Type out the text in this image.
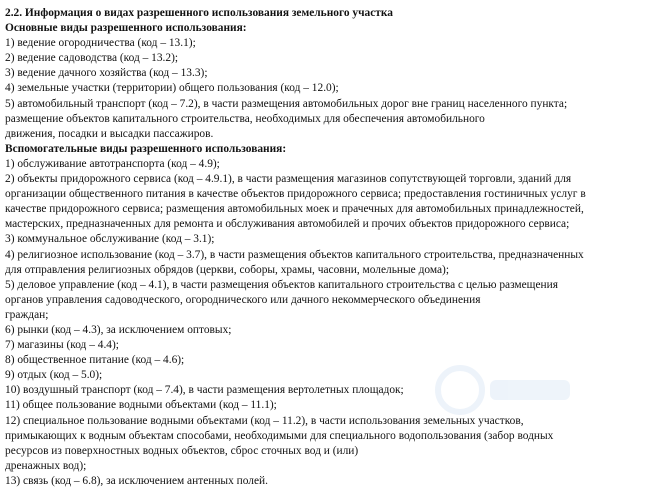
2.2. Информация о видах разрешенного использования земельного участка
Основные виды разрешенного использования:
1) ведение огородничества (код – 13.1);
2) ведение садоводства (код – 13.2);
3) ведение дачного хозяйства (код – 13.3);
4) земельные участки (территории) общего пользования (код – 12.0);
5) автомобильный транспорт (код – 7.2), в части размещения автомобильных дорог вне границ населенного пункта;
размещение объектов капитального строительства, необходимых для обеспечения автомобильного
движения, посадки и высадки пассажиров.
Вспомогательные виды разрешенного использования:
1) обслуживание автотранспорта (код – 4.9);
2) объекты придорожного сервиса (код – 4.9.1), в части размещения магазинов сопутствующей торговли, зданий для
организации общественного питания в качестве объектов придорожного сервиса; предоставления гостиничных услуг в
качестве придорожного сервиса; размещения автомобильных моек и прачечных для автомобильных принадлежностей,
мастерских, предназначенных для ремонта и обслуживания автомобилей и прочих объектов придорожного сервиса;
3) коммунальное обслуживание (код – 3.1);
4) религиозное использование (код – 3.7), в части размещения объектов капитального строительства, предназначенных
для отправления религиозных обрядов (церкви, соборы, храмы, часовни, молельные дома);
5) деловое управление (код – 4.1), в части размещения объектов капитального строительства с целью размещения
органов управления садоводческого, огороднического или дачного некоммерческого объединения
граждан;
6) рынки (код – 4.3), за исключением оптовых;
7) магазины (код – 4.4);
8) общественное питание (код – 4.6);
9) отдых (код – 5.0);
10) воздушный транспорт (код – 7.4), в части размещения вертолетных площадок;
11) общее пользование водными объектами (код – 11.1);
12) специальное пользование водными объектами (код – 11.2), в части использования земельных участков,
примыкающих к водным объектам способами, необходимыми для специального водопользования (забор водных
ресурсов из поверхностных водных объектов, сброс сточных вод и (или)
дренажных вод);
13) связь (код – 6.8), за исключением антенных полей.
